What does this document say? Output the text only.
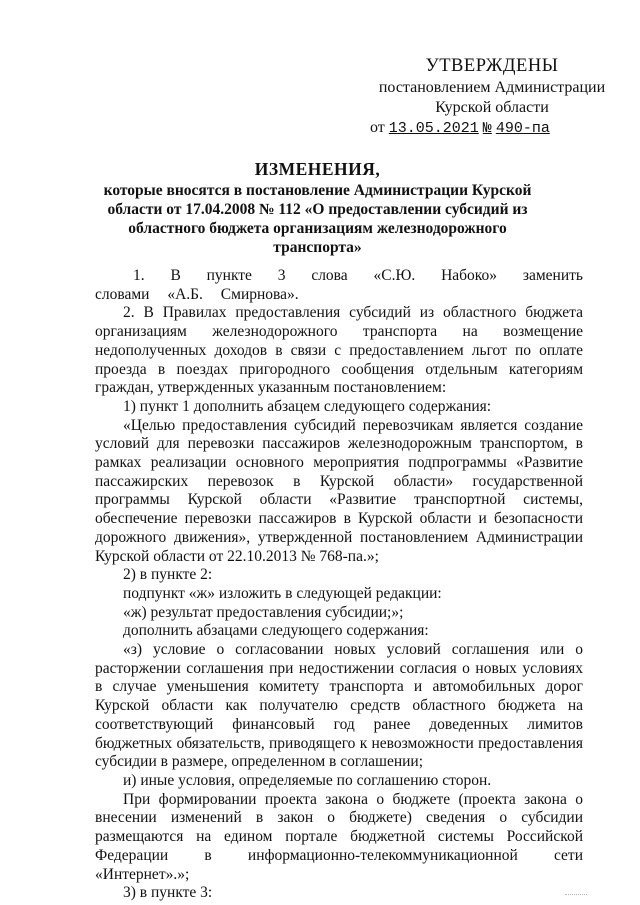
УТВЕРЖДЕНЫ
постановлением Администрации
Курской области
от 13.05.2021 № 490-па
ИЗМЕНЕНИЯ,
которые вносятся в постановление Администрации Курской области от 17.04.2008 № 112 «О предоставлении субсидий из областного бюджета организациям железнодорожного транспорта»

1. В пункте 3 слова «С.Ю. Набоко» заменить словами «А.Б. Смирнова».

2. В Правилах предоставления субсидий из областного бюджета организациям железнодорожного транспорта на возмещение недополученных доходов в связи с предоставлением льгот по оплате проезда в поездах пригородного сообщения отдельным категориям граждан, утвержденных указанным постановлением:

1) пункт 1 дополнить абзацем следующего содержания:

«Целью предоставления субсидий перевозчикам является создание условий для перевозки пассажиров железнодорожным транспортом, в рамках реализации основного мероприятия подпрограммы «Развитие пассажирских перевозок в Курской области» государственной программы Курской области «Развитие транспортной системы, обеспечение перевозки пассажиров в Курской области и безопасности дорожного движения», утвержденной постановлением Администрации Курской области от 22.10.2013 № 768-па.»;

2) в пункте 2:

подпункт «ж» изложить в следующей редакции:

«ж) результат предоставления субсидии;»;

дополнить абзацами следующего содержания:

«з) условие о согласовании новых условий соглашения или о расторжении соглашения при недостижении согласия о новых условиях в случае уменьшения комитету транспорта и автомобильных дорог Курской области как получателю средств областного бюджета на соответствующий финансовый год ранее доведенных лимитов бюджетных обязательств, приводящего к невозможности предоставления субсидии в размере, определенном в соглашении;

и) иные условия, определяемые по соглашению сторон.

При формировании проекта закона о бюджете (проекта закона о внесении изменений в закон о бюджете) сведения о субсидии размещаются на едином портале бюджетной системы Российской Федерации в информационно-телекоммуникационной сети «Интернет».»;

3) в пункте 3:
